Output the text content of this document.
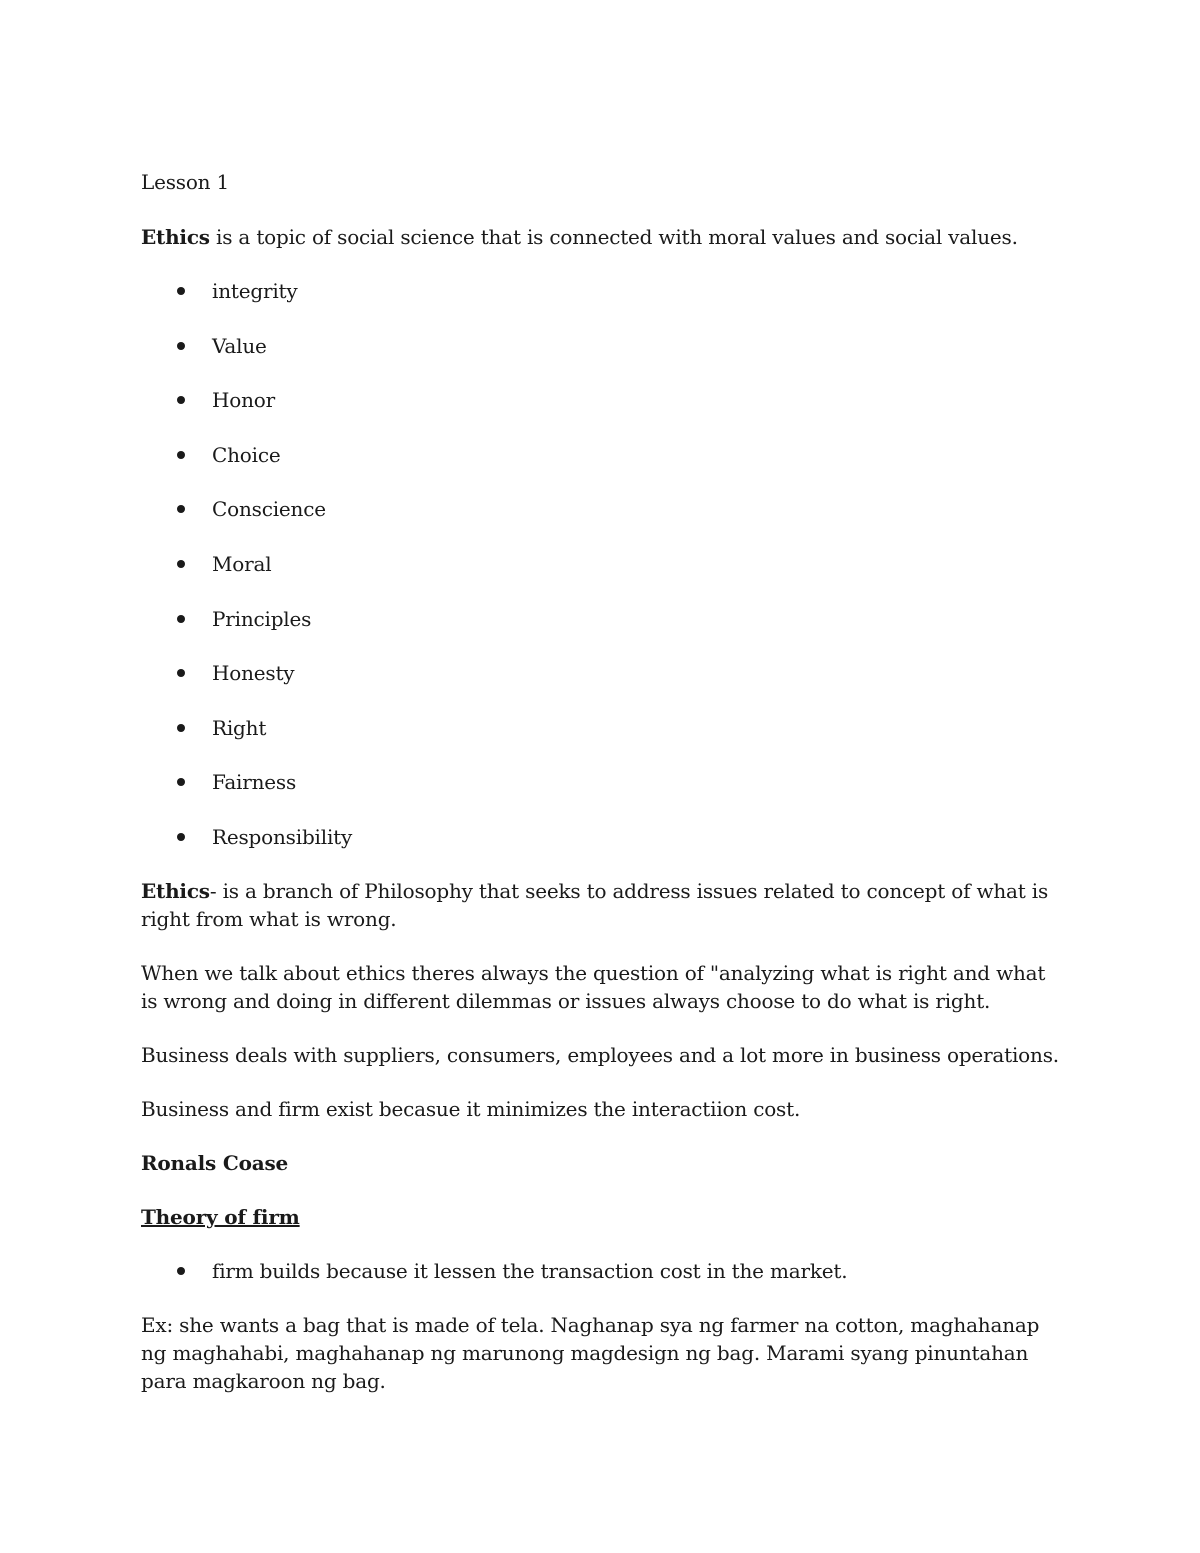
Lesson 1

Ethics is a topic of social science that is connected with moral values and social values.

integrity
Value
Honor
Choice
Conscience
Moral
Principles
Honesty
Right
Fairness
Responsibility

Ethics- is a branch of Philosophy that seeks to address issues related to concept of what is right from what is wrong.

When we talk about ethics theres always the question of "analyzing what is right and what is wrong and doing in different dilemmas or issues always choose to do what is right.

Business deals with suppliers, consumers, employees and a lot more in business operations.

Business and firm exist becasue it minimizes the interactiion cost.

Ronals Coase

Theory of firm

firm builds because it lessen the transaction cost in the market.

Ex: she wants a bag that is made of tela. Naghanap sya ng farmer na cotton, maghahanap ng maghahabi, maghahanap ng marunong magdesign ng bag. Marami syang pinuntahan para magkaroon ng bag.
